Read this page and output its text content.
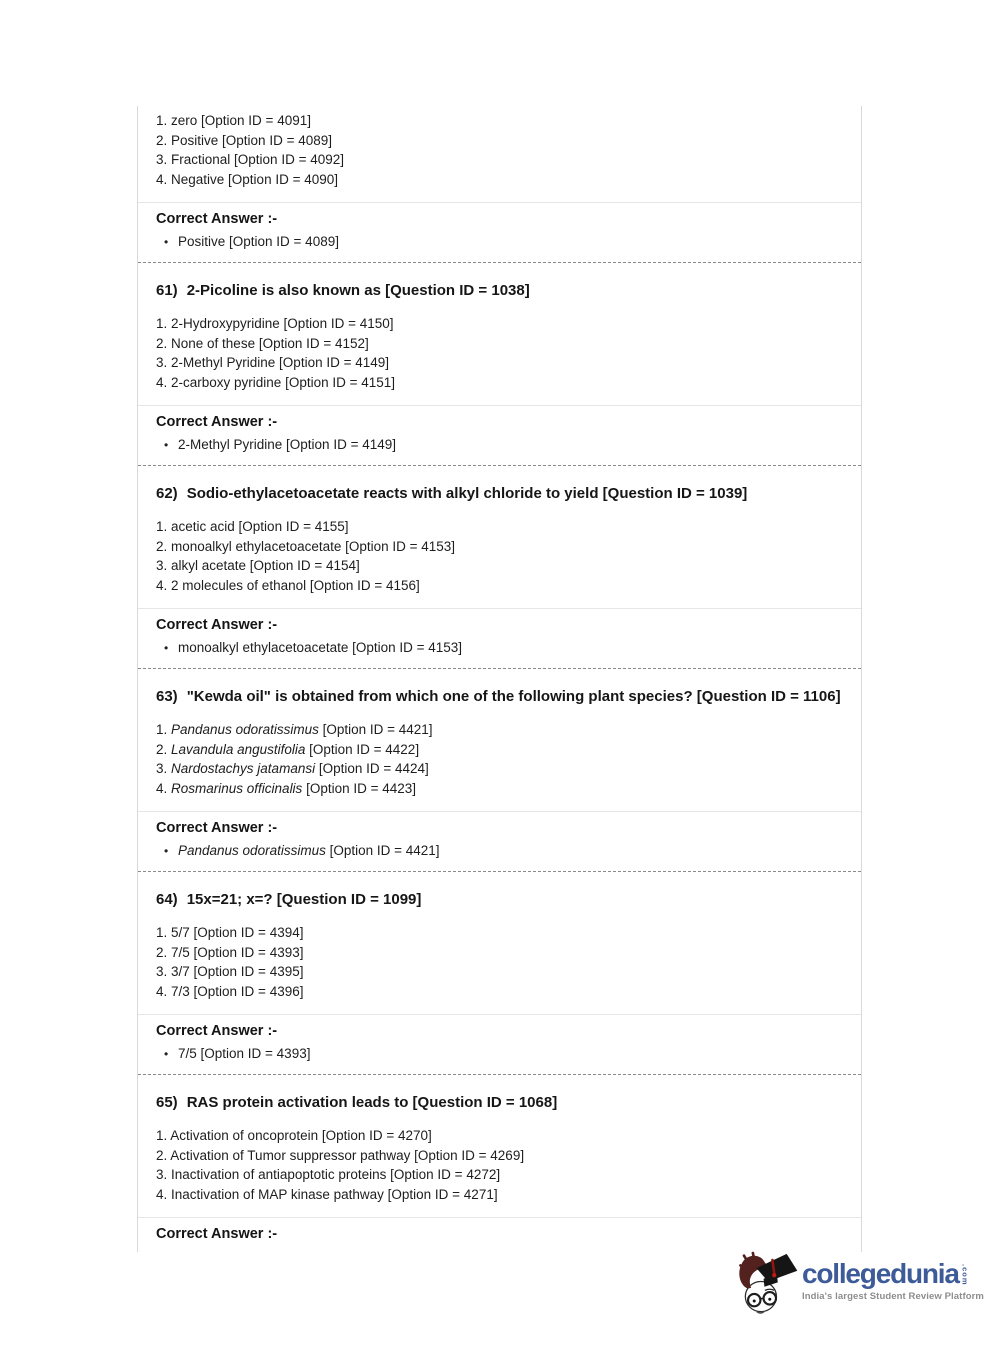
1. zero [Option ID = 4091]
2. Positive [Option ID = 4089]
3. Fractional [Option ID = 4092]
4. Negative [Option ID = 4090]
Correct Answer :-
• Positive [Option ID = 4089]
61) 2-Picoline is also known as [Question ID = 1038]
1. 2-Hydroxypyridine [Option ID = 4150]
2. None of these [Option ID = 4152]
3. 2-Methyl Pyridine [Option ID = 4149]
4. 2-carboxy pyridine [Option ID = 4151]
Correct Answer :-
• 2-Methyl Pyridine [Option ID = 4149]
62) Sodio-ethylacetoacetate reacts with alkyl chloride to yield [Question ID = 1039]
1. acetic acid [Option ID = 4155]
2. monoalkyl ethylacetoacetate [Option ID = 4153]
3. alkyl acetate [Option ID = 4154]
4. 2 molecules of ethanol [Option ID = 4156]
Correct Answer :-
• monoalkyl ethylacetoacetate [Option ID = 4153]
63) "Kewda oil" is obtained from which one of the following plant species? [Question ID = 1106]
1. Pandanus odoratissimus [Option ID = 4421]
2. Lavandula angustifolia [Option ID = 4422]
3. Nardostachys jatamansi [Option ID = 4424]
4. Rosmarinus officinalis [Option ID = 4423]
Correct Answer :-
• Pandanus odoratissimus [Option ID = 4421]
64) 15x=21; x=? [Question ID = 1099]
1. 5/7 [Option ID = 4394]
2. 7/5 [Option ID = 4393]
3. 3/7 [Option ID = 4395]
4. 7/3 [Option ID = 4396]
Correct Answer :-
• 7/5 [Option ID = 4393]
65) RAS protein activation leads to [Question ID = 1068]
1. Activation of oncoprotein [Option ID = 4270]
2. Activation of Tumor suppressor pathway [Option ID = 4269]
3. Inactivation of antiapoptotic proteins [Option ID = 4272]
4. Inactivation of MAP kinase pathway [Option ID = 4271]
Correct Answer :-
collegedunia .com
India's largest Student Review Platform
